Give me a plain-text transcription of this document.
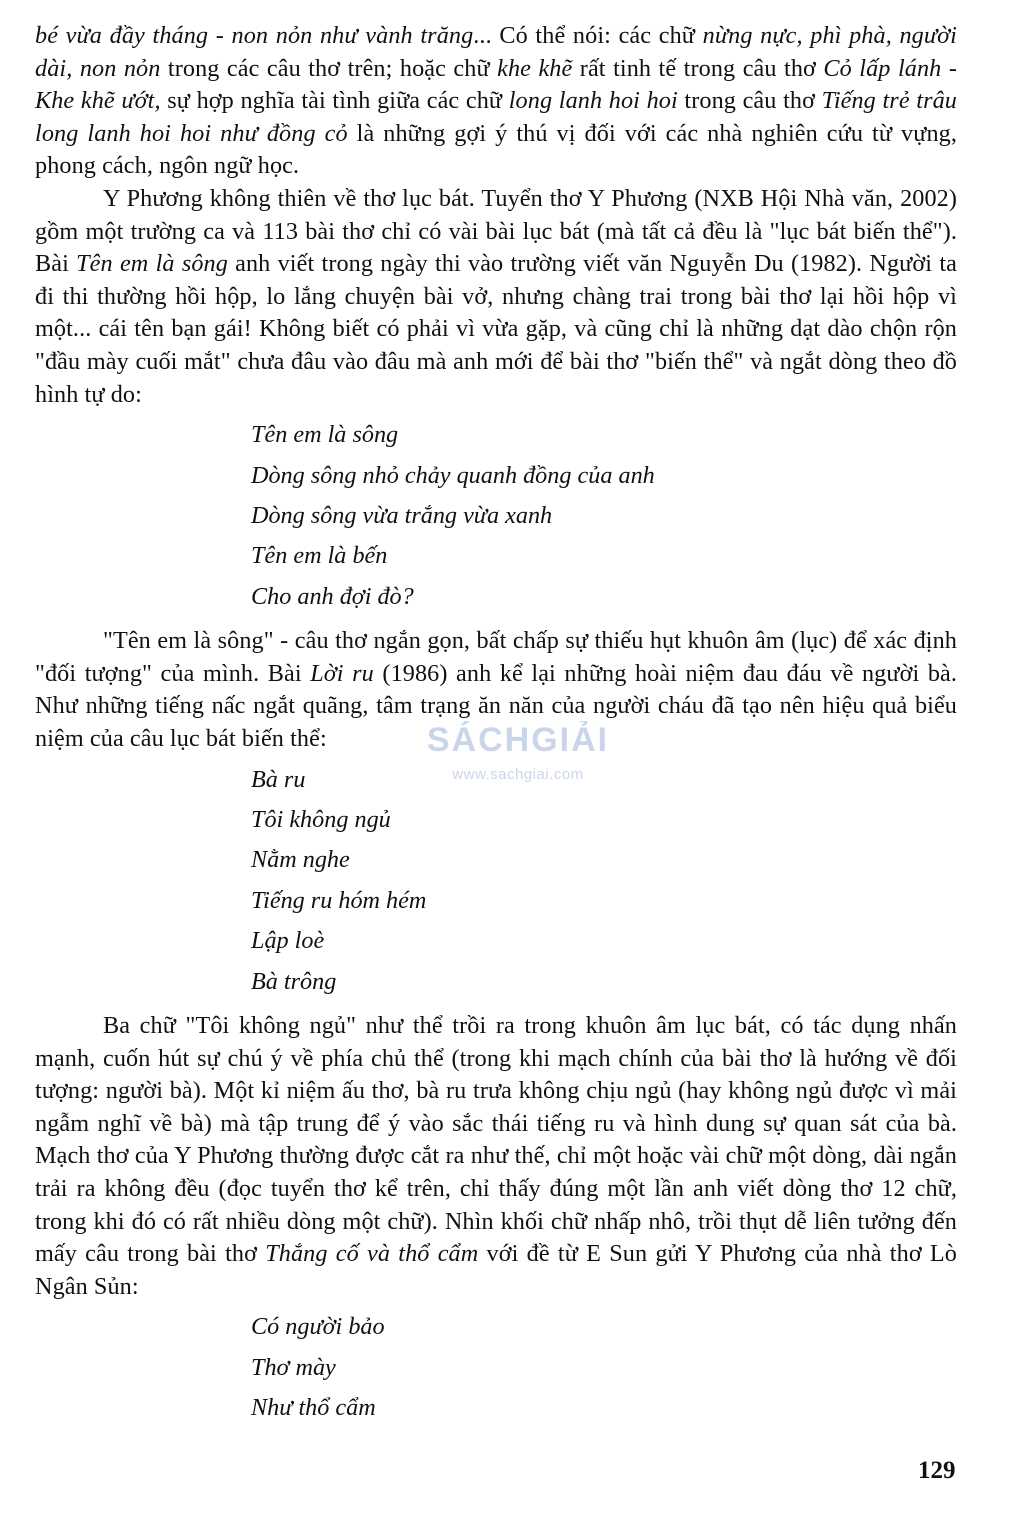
bé vừa đầy tháng - non nỏn như vành trăng... Có thể nói: các chữ nừng nực, phì phà, người dài, non nỏn trong các câu thơ trên; hoặc chữ khe khẽ rất tinh tế trong câu thơ Cỏ lấp lánh - Khe khẽ ướt, sự hợp nghĩa tài tình giữa các chữ long lanh hoi hoi trong câu thơ Tiếng trẻ trâu long lanh hoi hoi như đồng cỏ là những gợi ý thú vị đối với các nhà nghiên cứu từ vựng, phong cách, ngôn ngữ học.

Y Phương không thiên về thơ lục bát. Tuyển thơ Y Phương (NXB Hội Nhà văn, 2002) gồm một trường ca và 113 bài thơ chỉ có vài bài lục bát (mà tất cả đều là "lục bát biến thể"). Bài Tên em là sông anh viết trong ngày thi vào trường viết văn Nguyễn Du (1982). Người ta đi thi thường hồi hộp, lo lắng chuyện bài vở, nhưng chàng trai trong bài thơ lại hồi hộp vì một... cái tên bạn gái! Không biết có phải vì vừa gặp, và cũng chỉ là những dạt dào chộn rộn "đầu mày cuối mắt" chưa đâu vào đâu mà anh mới để bài thơ "biến thể" và ngắt dòng theo đồ hình tự do:

Tên em là sông
Dòng sông nhỏ chảy quanh đồng của anh
Dòng sông vừa trắng vừa xanh
Tên em là bến
Cho anh đợi đò?

"Tên em là sông" - câu thơ ngắn gọn, bất chấp sự thiếu hụt khuôn âm (lục) để xác định "đối tượng" của mình. Bài Lời ru (1986) anh kể lại những hoài niệm đau đáu về người bà. Như những tiếng nấc ngắt quãng, tâm trạng ăn năn của người cháu đã tạo nên hiệu quả biểu niệm của câu lục bát biến thể:

Bà ru
Tôi không ngủ
Nằm nghe
Tiếng ru hóm hém
Lập loè
Bà trông

Ba chữ "Tôi không ngủ" như thể trồi ra trong khuôn âm lục bát, có tác dụng nhấn mạnh, cuốn hút sự chú ý về phía chủ thể (trong khi mạch chính của bài thơ là hướng về đối tượng: người bà). Một kỉ niệm ấu thơ, bà ru trưa không chịu ngủ (hay không ngủ được vì mải ngẫm nghĩ về bà) mà tập trung để ý vào sắc thái tiếng ru và hình dung sự quan sát của bà. Mạch thơ của Y Phương thường được cắt ra như thế, chỉ một hoặc vài chữ một dòng, dài ngắn trải ra không đều (đọc tuyển thơ kể trên, chỉ thấy đúng một lần anh viết dòng thơ 12 chữ, trong khi đó có rất nhiều dòng một chữ). Nhìn khối chữ nhấp nhô, trồi thụt dễ liên tưởng đến mấy câu trong bài thơ Thắng cố và thổ cẩm với đề từ E Sun gửi Y Phương của nhà thơ Lò Ngân Sủn:

Có người bảo
Thơ mày
Như thổ cẩm
SÁCHGIẢI
www.sachgiai.com
129
